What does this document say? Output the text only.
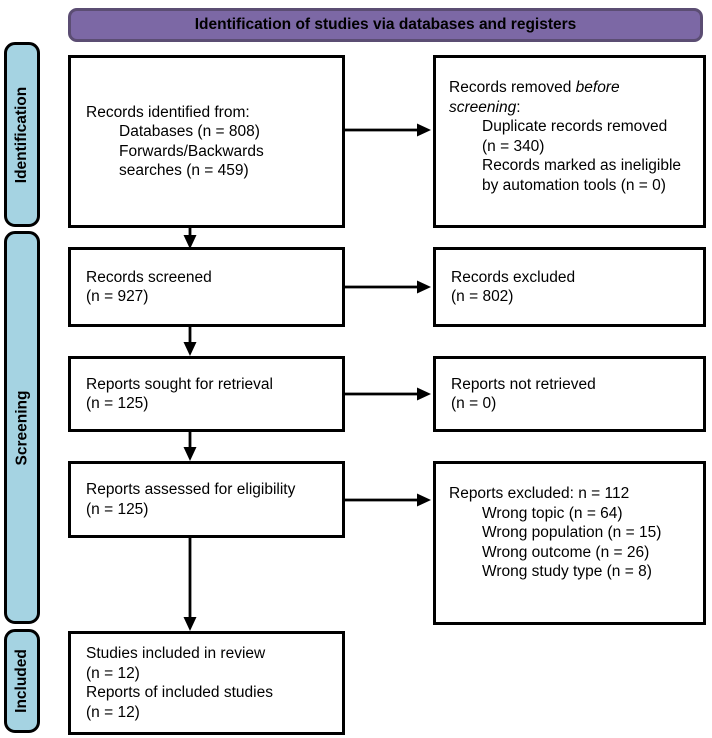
Identification of studies via databases and registers
Identification
Screening
Included
Records identified from:
Databases (n = 808)
Forwards/Backwards
searches (n = 459)
Records removed before
screening:
Duplicate records removed
(n = 340)
Records marked as ineligible
by automation tools (n = 0)
Records screened
(n = 927)
Records excluded
(n = 802)
Reports sought for retrieval
(n = 125)
Reports not retrieved
(n = 0)
Reports assessed for eligibility
(n = 125)
Reports excluded: n = 112
Wrong topic (n = 64)
Wrong population (n = 15)
Wrong outcome (n = 26)
Wrong study type (n = 8)
Studies included in review
(n = 12)
Reports of included studies
(n = 12)
